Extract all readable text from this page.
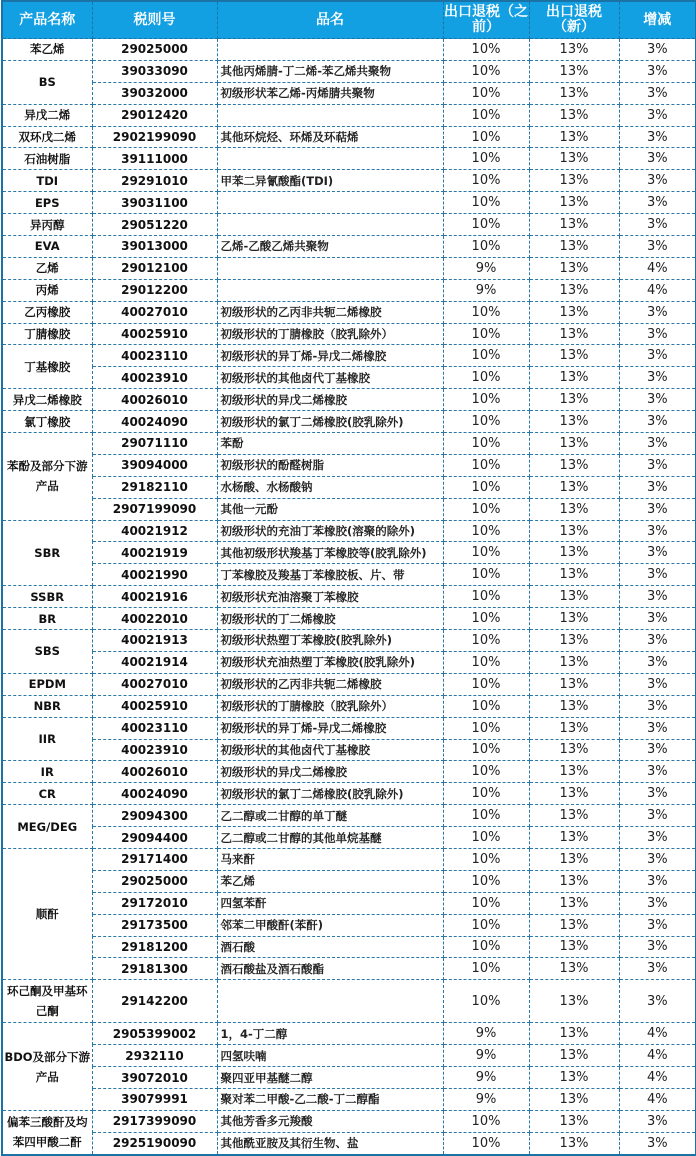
产品名称	税则号	品名	出口退税（之前）	出口退税（新）	增减
苯乙烯	29025000		10%	13%	3%
BS	39033090	其他丙烯腈-丁二烯-苯乙烯共聚物	10%	13%	3%
	39032000	初级形状苯乙烯-丙烯腈共聚物	10%	13%	3%
异戊二烯	29012420		10%	13%	3%
双环戊二烯	2902199090	其他环烷烃、环烯及环萜烯	10%	13%	3%
石油树脂	39111000		10%	13%	3%
TDI	29291010	甲苯二异氰酸酯(TDI)	10%	13%	3%
EPS	39031100		10%	13%	3%
异丙醇	29051220		10%	13%	3%
EVA	39013000	乙烯-乙酸乙烯共聚物	10%	13%	3%
乙烯	29012100		9%	13%	4%
丙烯	29012200		9%	13%	4%
乙丙橡胶	40027010	初级形状的乙丙非共轭二烯橡胶	10%	13%	3%
丁腈橡胶	40025910	初级形状的丁腈橡胶（胶乳除外）	10%	13%	3%
丁基橡胶	40023110	初级形状的异丁烯-异戊二烯橡胶	10%	13%	3%
	40023910	初级形状的其他卤代丁基橡胶	10%	13%	3%
异戊二烯橡胶	40026010	初级形状的异戊二烯橡胶	10%	13%	3%
氯丁橡胶	40024090	初级形状的氯丁二烯橡胶(胶乳除外)	10%	13%	3%
苯酚及部分下游产品	29071110	苯酚	10%	13%	3%
	39094000	初级形状的酚醛树脂	10%	13%	3%
	29182110	水杨酸、水杨酸钠	10%	13%	3%
	2907199090	其他一元酚	10%	13%	3%
SBR	40021912	初级形状的充油丁苯橡胶(溶聚的除外)	10%	13%	3%
	40021919	其他初级形状羧基丁苯橡胶等(胶乳除外)	10%	13%	3%
	40021990	丁苯橡胶及羧基丁苯橡胶板、片、带	10%	13%	3%
SSBR	40021916	初级形状充油溶聚丁苯橡胶	10%	13%	3%
BR	40022010	初级形状的丁二烯橡胶	10%	13%	3%
SBS	40021913	初级形状热塑丁苯橡胶(胶乳除外)	10%	13%	3%
	40021914	初级形状充油热塑丁苯橡胶(胶乳除外)	10%	13%	3%
EPDM	40027010	初级形状的乙丙非共轭二烯橡胶	10%	13%	3%
NBR	40025910	初级形状的丁腈橡胶（胶乳除外）	10%	13%	3%
IIR	40023110	初级形状的异丁烯-异戊二烯橡胶	10%	13%	3%
	40023910	初级形状的其他卤代丁基橡胶	10%	13%	3%
IR	40026010	初级形状的异戊二烯橡胶	10%	13%	3%
CR	40024090	初级形状的氯丁二烯橡胶(胶乳除外)	10%	13%	3%
MEG/DEG	29094300	乙二醇或二甘醇的单丁醚	10%	13%	3%
	29094400	乙二醇或二甘醇的其他单烷基醚	10%	13%	3%
顺酐	29171400	马来酐	10%	13%	3%
	29025000	苯乙烯	10%	13%	3%
	29172010	四氢苯酐	10%	13%	3%
	29173500	邻苯二甲酸酐(苯酐)	10%	13%	3%
	29181200	酒石酸	10%	13%	3%
	29181300	酒石酸盐及酒石酸酯	10%	13%	3%
环己酮及甲基环己酮	29142200		10%	13%	3%
BDO及部分下游产品	2905399002	1，4-丁二醇	9%	13%	4%
	2932110	四氢呋喃	9%	13%	4%
	39072010	聚四亚甲基醚二醇	9%	13%	4%
	39079991	聚对苯二甲酸-乙二酸-丁二醇酯	9%	13%	4%
偏苯三酸酐及均苯四甲酸二酐	2917399090	其他芳香多元羧酸	10%	13%	3%
	2925190090	其他酰亚胺及其衍生物、盐	10%	13%	3%
